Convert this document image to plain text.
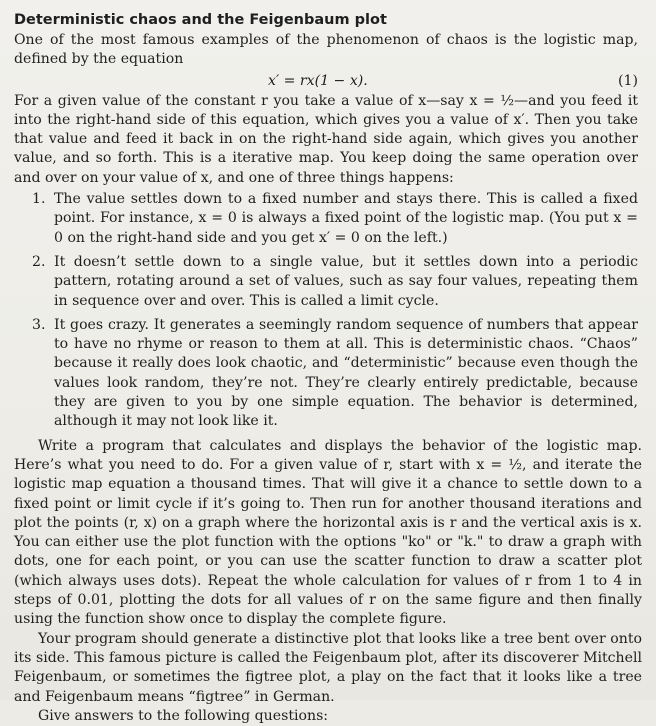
Deterministic chaos and the Feigenbaum plot

One of the most famous examples of the phenomenon of chaos is the logistic map, defined by the equation

x′ = rx(1 − x).	(1)

For a given value of the constant r you take a value of x—say x = ½—and you feed it into the right-hand side of this equation, which gives you a value of x′. Then you take that value and feed it back in on the right-hand side again, which gives you another value, and so forth. This is a iterative map. You keep doing the same operation over and over on your value of x, and one of three things happens:

1. The value settles down to a fixed number and stays there. This is called a fixed point. For instance, x = 0 is always a fixed point of the logistic map. (You put x = 0 on the right-hand side and you get x′ = 0 on the left.)
2. It doesn’t settle down to a single value, but it settles down into a periodic pattern, rotating around a set of values, such as say four values, repeating them in sequence over and over. This is called a limit cycle.
3. It goes crazy. It generates a seemingly random sequence of numbers that appear to have no rhyme or reason to them at all. This is deterministic chaos. “Chaos” because it really does look chaotic, and “deterministic” because even though the values look random, they’re not. They’re clearly entirely predictable, because they are given to you by one simple equation. The behavior is determined, although it may not look like it.

Write a program that calculates and displays the behavior of the logistic map. Here’s what you need to do. For a given value of r, start with x = ½, and iterate the logistic map equation a thousand times. That will give it a chance to settle down to a fixed point or limit cycle if it’s going to. Then run for another thousand iterations and plot the points (r, x) on a graph where the horizontal axis is r and the vertical axis is x. You can either use the plot function with the options "ko" or "k." to draw a graph with dots, one for each point, or you can use the scatter function to draw a scatter plot (which always uses dots). Repeat the whole calculation for values of r from 1 to 4 in steps of 0.01, plotting the dots for all values of r on the same figure and then finally using the function show once to display the complete figure.

Your program should generate a distinctive plot that looks like a tree bent over onto its side. This famous picture is called the Feigenbaum plot, after its discoverer Mitchell Feigenbaum, or sometimes the figtree plot, a play on the fact that it looks like a tree and Feigenbaum means “figtree” in German.

Give answers to the following questions:
